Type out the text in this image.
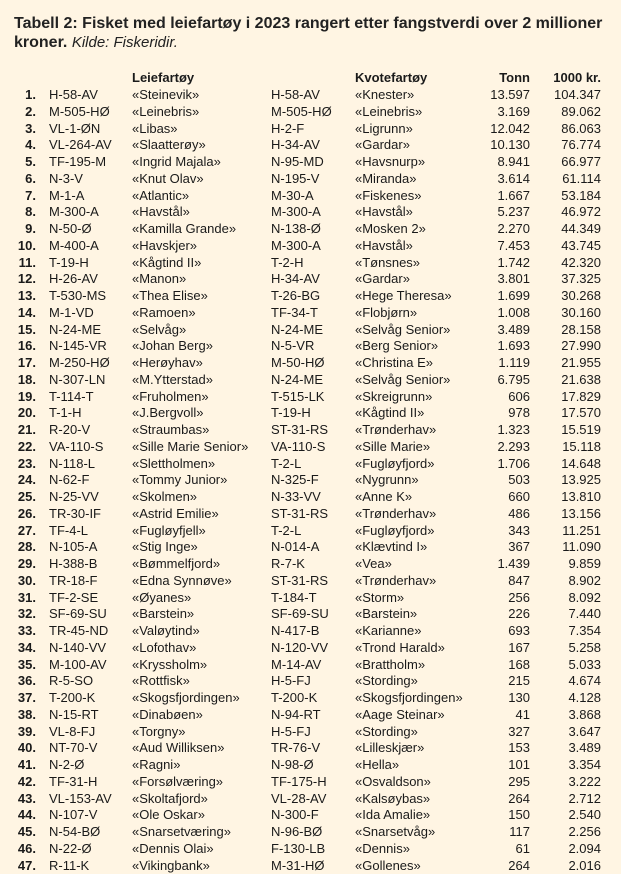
Tabell 2: Fisket med leiefartøy i 2023 rangert etter fangstverdi over 2 millioner kroner. Kilde: Fiskeridir.
Leiefartøy	Kvotefartøy	Tonn	1000 kr.
1. H-58-AV	«Steinevik»	H-58-AV	«Knester»	13.597	104.347
2. M-505-HØ «Leinebris»	M-505-HØ «Leinebris»	3.169	89.062
3. VL-1-ØN «Libas»	H-2-F	«Ligrunn»	12.042	86.063
4. VL-264-AV «Slaatterøy»	H-34-AV	«Gardar»	10.130	76.774
5. TF-195-M «Ingrid Majala»	N-95-MD «Havsnurp»	8.941	66.977
6. N-3-V	«Knut Olav»	N-195-V	«Miranda»	3.614	61.114
7. M-1-A	«Atlantic»	M-30-A	«Fiskenes»	1.667	53.184
8. M-300-A	«Havstål»	M-300-A	«Havstål»	5.237	46.972
9. N-50-Ø	«Kamilla Grande»	N-138-Ø	«Mosken 2»	2.270	44.349
10. M-400-A	«Havskjer»	M-300-A	«Havstål»	7.453	43.745
11. T-19-H	«Kågtind II»	T-2-H	«Tønsnes»	1.742	42.320
12. H-26-AV	«Manon»	H-34-AV	«Gardar»	3.801	37.325
13. T-530-MS «Thea Elise»	T-26-BG	«Hege Theresa»	1.699	30.268
14. M-1-VD	«Ramoen»	TF-34-T	«Flobjørn»	1.008	30.160
15. N-24-ME «Selvåg»	N-24-ME «Selvåg Senior»	3.489	28.158
16. N-145-VR «Johan Berg»	N-5-VR	«Berg Senior»	1.693	27.990
17. M-250-HØ «Herøyhav»	M-50-HØ «Christina E»	1.119	21.955
18. N-307-LN «M.Ytterstad»	N-24-ME «Selvåg Senior»	6.795	21.638
19. T-114-T	«Fruholmen»	T-515-LK «Skreigrunn»	606	17.829
20. T-1-H	«J.Bergvoll»	T-19-H	«Kågtind II»	978	17.570
21. R-20-V	«Straumbas»	ST-31-RS «Trønderhav»	1.323	15.519
22. VA-110-S «Sille Marie Senior» VA-110-S «Sille Marie»	2.293	15.118
23. N-118-L	«Slettholmen»	T-2-L	«Fugløyfjord»	1.706	14.648
24. N-62-F	«Tommy Junior»	N-325-F	«Nygrunn»	503	13.925
25. N-25-VV	«Skolmen»	N-33-VV	«Anne K»	660	13.810
26. TR-30-IF «Astrid Emilie»	ST-31-RS «Trønderhav»	486	13.156
27. TF-4-L	«Fugløyfjell»	T-2-L	«Fugløyfjord»	343	11.251
28. N-105-A	«Stig Inge»	N-014-A	«Klævtind I»	367	11.090
29. H-388-B	«Bømmelfjord»	R-7-K	«Vea»	1.439	9.859
30. TR-18-F	«Edna Synnøve»	ST-31-RS «Trønderhav»	847	8.902
31. TF-2-SE	«Øyanes»	T-184-T	«Storm»	256	8.092
32. SF-69-SU «Barstein»	SF-69-SU «Barstein»	226	7.440
33. TR-45-ND «Valøytind»	N-417-B	«Karianne»	693	7.354
34. N-140-VV «Lofothav»	N-120-VV «Trond Harald»	167	5.258
35. M-100-AV «Kryssholm»	M-14-AV	«Brattholm»	168	5.033
36. R-5-SO	«Rottfisk»	H-5-FJ	«Stording»	215	4.674
37. T-200-K	«Skogsfjordingen» T-200-K	«Skogsfjordingen»	130	4.128
38. N-15-RT	«Dinabøen»	N-94-RT	«Aage Steinar»	41	3.868
39. VL-8-FJ	«Torgny»	H-5-FJ	«Stording»	327	3.647
40. NT-70-V	«Aud Williksen»	TR-76-V	«Lilleskjær»	153	3.489
41. N-2-Ø	«Ragni»	N-98-Ø	«Hella»	101	3.354
42. TF-31-H	«Forsølværing»	TF-175-H «Osvaldson»	295	3.222
43. VL-153-AV «Skoltafjord»	VL-28-AV «Kalsøybas»	264	2.712
44. N-107-V	«Ole Oskar»	N-300-F	«Ida Amalie»	150	2.540
45. N-54-BØ «Snarsetværing»	N-96-BØ	«Snarsetvåg»	117	2.256
46. N-22-Ø	«Dennis Olai»	F-130-LB «Dennis»	61	2.094
47. R-11-K	«Vikingbank»	M-31-HØ «Gollenes»	264	2.016
